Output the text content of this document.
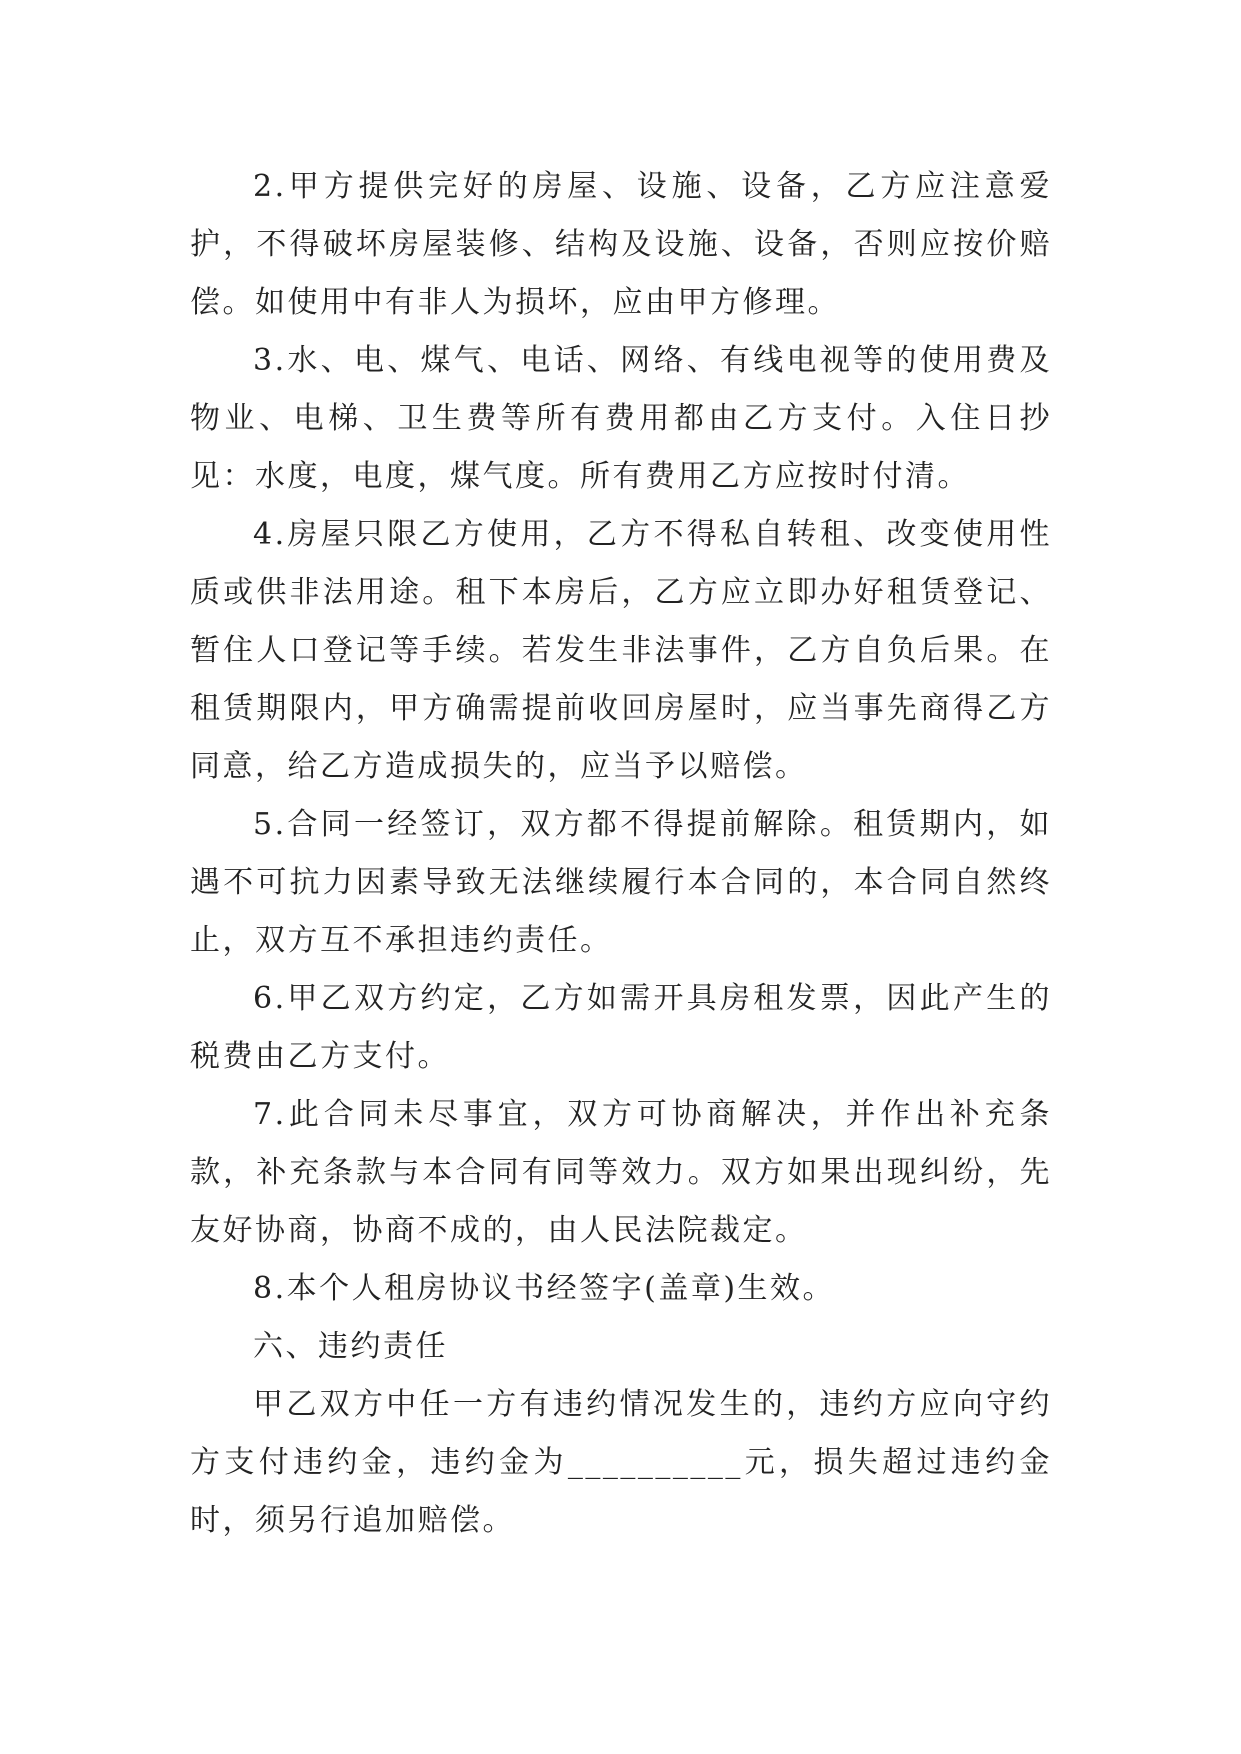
2.甲方提供完好的房屋、设施、设备，乙方应注意爱护，不得破坏房屋装修、结构及设施、设备，否则应按价赔偿。如使用中有非人为损坏，应由甲方修理。

3.水、电、煤气、电话、网络、有线电视等的使用费及物业、电梯、卫生费等所有费用都由乙方支付。入住日抄见：水度，电度，煤气度。所有费用乙方应按时付清。

4.房屋只限乙方使用，乙方不得私自转租、改变使用性质或供非法用途。租下本房后，乙方应立即办好租赁登记、暂住人口登记等手续。若发生非法事件，乙方自负后果。在租赁期限内，甲方确需提前收回房屋时，应当事先商得乙方同意，给乙方造成损失的，应当予以赔偿。

5.合同一经签订，双方都不得提前解除。租赁期内，如遇不可抗力因素导致无法继续履行本合同的，本合同自然终止，双方互不承担违约责任。

6.甲乙双方约定，乙方如需开具房租发票，因此产生的税费由乙方支付。

7.此合同未尽事宜，双方可协商解决，并作出补充条款，补充条款与本合同有同等效力。双方如果出现纠纷，先友好协商，协商不成的，由人民法院裁定。

8.本个人租房协议书经签字(盖章)生效。

六、违约责任

甲乙双方中任一方有违约情况发生的，违约方应向守约方支付违约金，违约金为__________元，损失超过违约金时，须另行追加赔偿。
